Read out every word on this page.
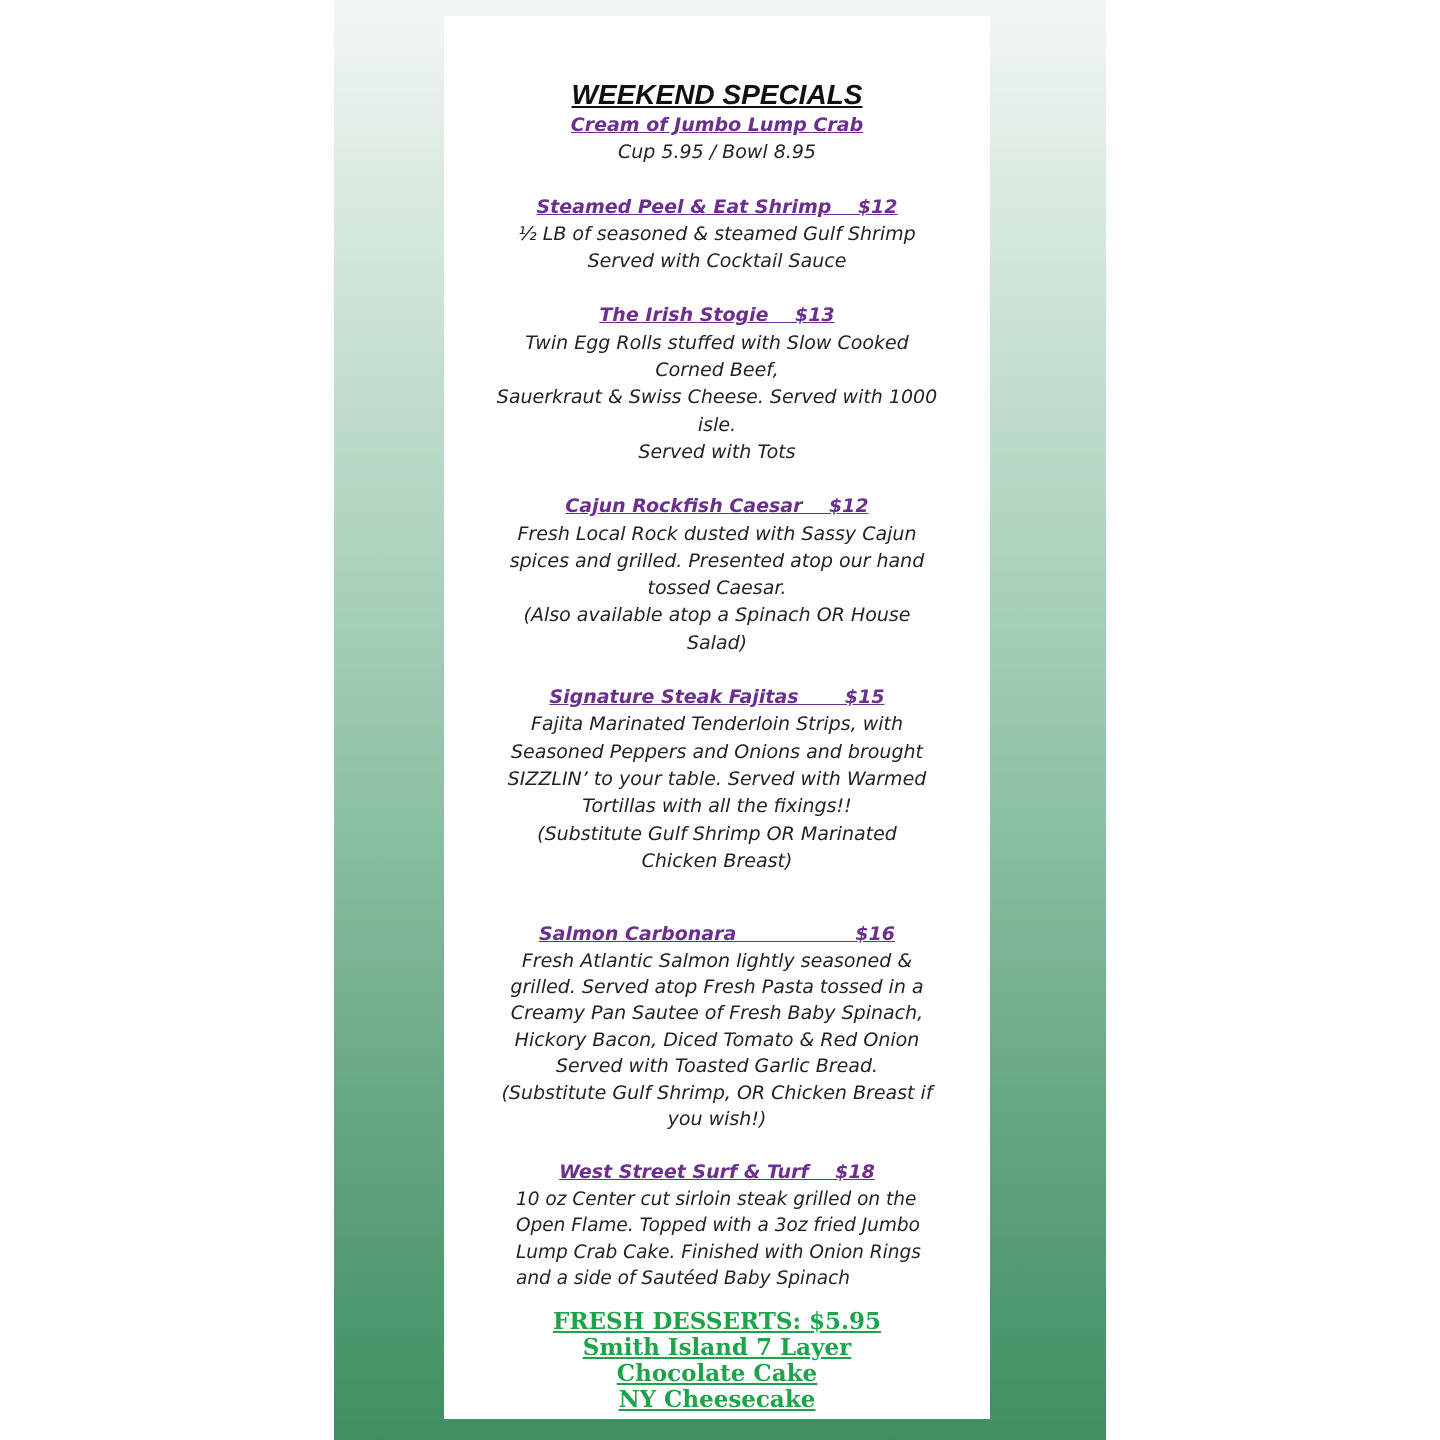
WEEKEND SPECIALS
Cream of Jumbo Lump Crab
Cup 5.95 / Bowl 8.95
Steamed Peel & Eat Shrimp    $12
½ LB of seasoned & steamed Gulf Shrimp
Served with Cocktail Sauce
The Irish Stogie    $13
Twin Egg Rolls stuffed with Slow Cooked
Corned Beef,
Sauerkraut & Swiss Cheese. Served with 1000
isle.
Served with Tots
Cajun Rockfish Caesar    $12
Fresh Local Rock dusted with Sassy Cajun
spices and grilled. Presented atop our hand
tossed Caesar.
(Also available atop a Spinach OR House
Salad)
Signature Steak Fajitas       $15
Fajita Marinated Tenderloin Strips, with
Seasoned Peppers and Onions and brought
SIZZLIN’ to your table. Served with Warmed
Tortillas with all the fixings!!
(Substitute Gulf Shrimp OR Marinated
Chicken Breast)
Salmon Carbonara                  $16
Fresh Atlantic Salmon lightly seasoned &
grilled. Served atop Fresh Pasta tossed in a
Creamy Pan Sautee of Fresh Baby Spinach,
Hickory Bacon, Diced Tomato & Red Onion
Served with Toasted Garlic Bread.
(Substitute Gulf Shrimp, OR Chicken Breast if
you wish!)
West Street Surf & Turf    $18
10 oz Center cut sirloin steak grilled on the
Open Flame. Topped with a 3oz fried Jumbo
Lump Crab Cake. Finished with Onion Rings
and a side of Sautéed Baby Spinach
FRESH DESSERTS: $5.95
Smith Island 7 Layer
Chocolate Cake
NY Cheesecake
